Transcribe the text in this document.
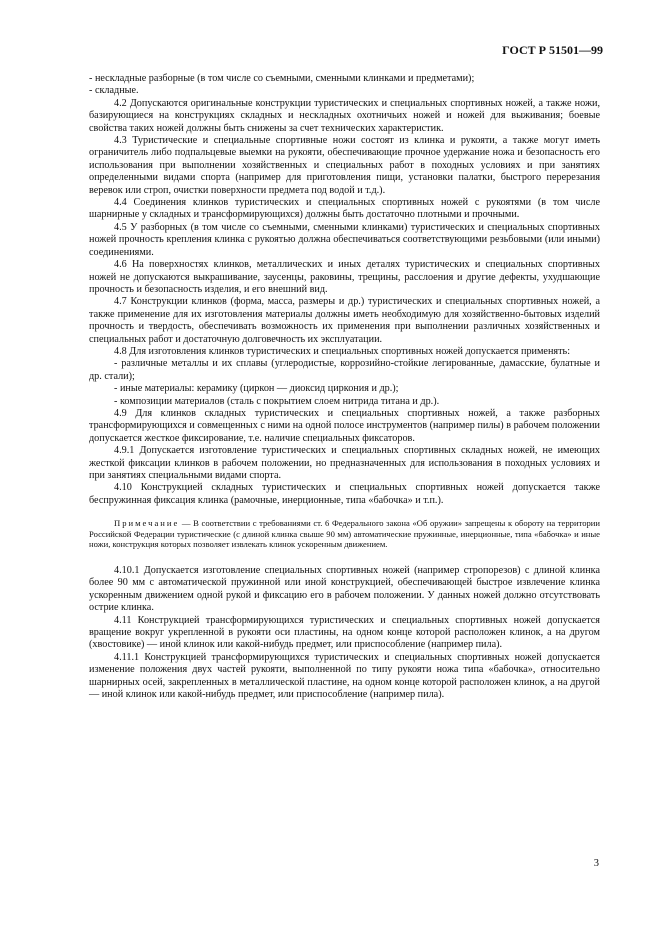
ГОСТ Р 51501—99

- нескладные разборные (в том числе со съемными, сменными клинками и предметами);

- складные.

4.2 Допускаются оригинальные конструкции туристических и специальных спортивных ножей, а также ножи, базирующиеся на конструкциях складных и нескладных охотничьих ножей и ножей для выживания; боевые свойства таких ножей должны быть снижены за счет технических характеристик.

4.3 Туристические и специальные спортивные ножи состоят из клинка и рукояти, а также могут иметь ограничитель либо подпальцевые выемки на рукояти, обеспечивающие прочное удержание ножа и безопасность его использования при выполнении хозяйственных и специальных работ в походных условиях и при занятиях определенными видами спорта (например для приготовления пищи, установки палатки, быстрого перерезания веревок или строп, очистки поверхности предмета под водой и т.д.).

4.4 Соединения клинков туристических и специальных спортивных ножей с рукоятями (в том числе шарнирные у складных и трансформирующихся) должны быть достаточно плотными и прочными.

4.5 У разборных (в том числе со съемными, сменными клинками) туристических и специальных спортивных ножей прочность крепления клинка с рукоятью должна обеспечиваться соответствующими резьбовыми (или иными) соединениями.

4.6 На поверхностях клинков, металлических и иных деталях туристических и специальных спортивных ножей не допускаются выкрашивание, заусенцы, раковины, трещины, расслоения и другие дефекты, ухудшающие прочность и безопасность изделия, и его внешний вид.

4.7 Конструкции клинков (форма, масса, размеры и др.) туристических и специальных спортивных ножей, а также применение для их изготовления материалы должны иметь необходимую для хозяйственно-бытовых изделий прочность и твердость, обеспечивать возможность их применения при выполнении различных хозяйственных и специальных работ и достаточную долговечность их эксплуатации.

4.8 Для изготовления клинков туристических и специальных спортивных ножей допускается применять:

- различные металлы и их сплавы (углеродистые, коррозийно-стойкие легированные, дамасские, булатные и др. стали);

- иные материалы: керамику (циркон — диоксид циркония и др.);

- композиции материалов (сталь с покрытием слоем нитрида титана и др.).

4.9 Для клинков складных туристических и специальных спортивных ножей, а также разборных трансформирующихся и совмещенных с ними на одной полосе инструментов (например пилы) в рабочем положении допускается жесткое фиксирование, т.е. наличие специальных фиксаторов.

4.9.1 Допускается изготовление туристических и специальных спортивных складных ножей, не имеющих жесткой фиксации клинков в рабочем положении, но предназначенных для использования в походных условиях и при занятиях специальными видами спорта.

4.10 Конструкцией складных туристических и специальных спортивных ножей допускается также беспружинная фиксация клинка (рамочные, инерционные, типа «бабочка» и т.п.).

Примечание — В соответствии с требованиями ст. 6 Федерального закона «Об оружии» запрещены к обороту на территории Российской Федерации туристические (с длиной клинка свыше 90 мм) автоматические пружинные, инерционные, типа «бабочка» и иные ножи, конструкция которых позволяет извлекать клинок ускоренным движением.

4.10.1 Допускается изготовление специальных спортивных ножей (например стропорезов) с длиной клинка более 90 мм с автоматической пружинной или иной конструкцией, обеспечивающей быстрое извлечение клинка ускоренным движением одной рукой и фиксацию его в рабочем положении. У данных ножей должно отсутствовать острие клинка.

4.11 Конструкцией трансформирующихся туристических и специальных спортивных ножей допускается вращение вокруг укрепленной в рукояти оси пластины, на одном конце которой расположен клинок, а на другом (хвостовике) — иной клинок или какой-нибудь предмет, или приспособление (например пила).

4.11.1 Конструкцией трансформирующихся туристических и специальных спортивных ножей допускается изменение положения двух частей рукояти, выполненной по типу рукояти ножа типа «бабочка», относительно шарнирных осей, закрепленных в металлической пластине, на одном конце которой расположен клинок, а на другой — иной клинок или какой-нибудь предмет, или приспособление (например пила).

3
